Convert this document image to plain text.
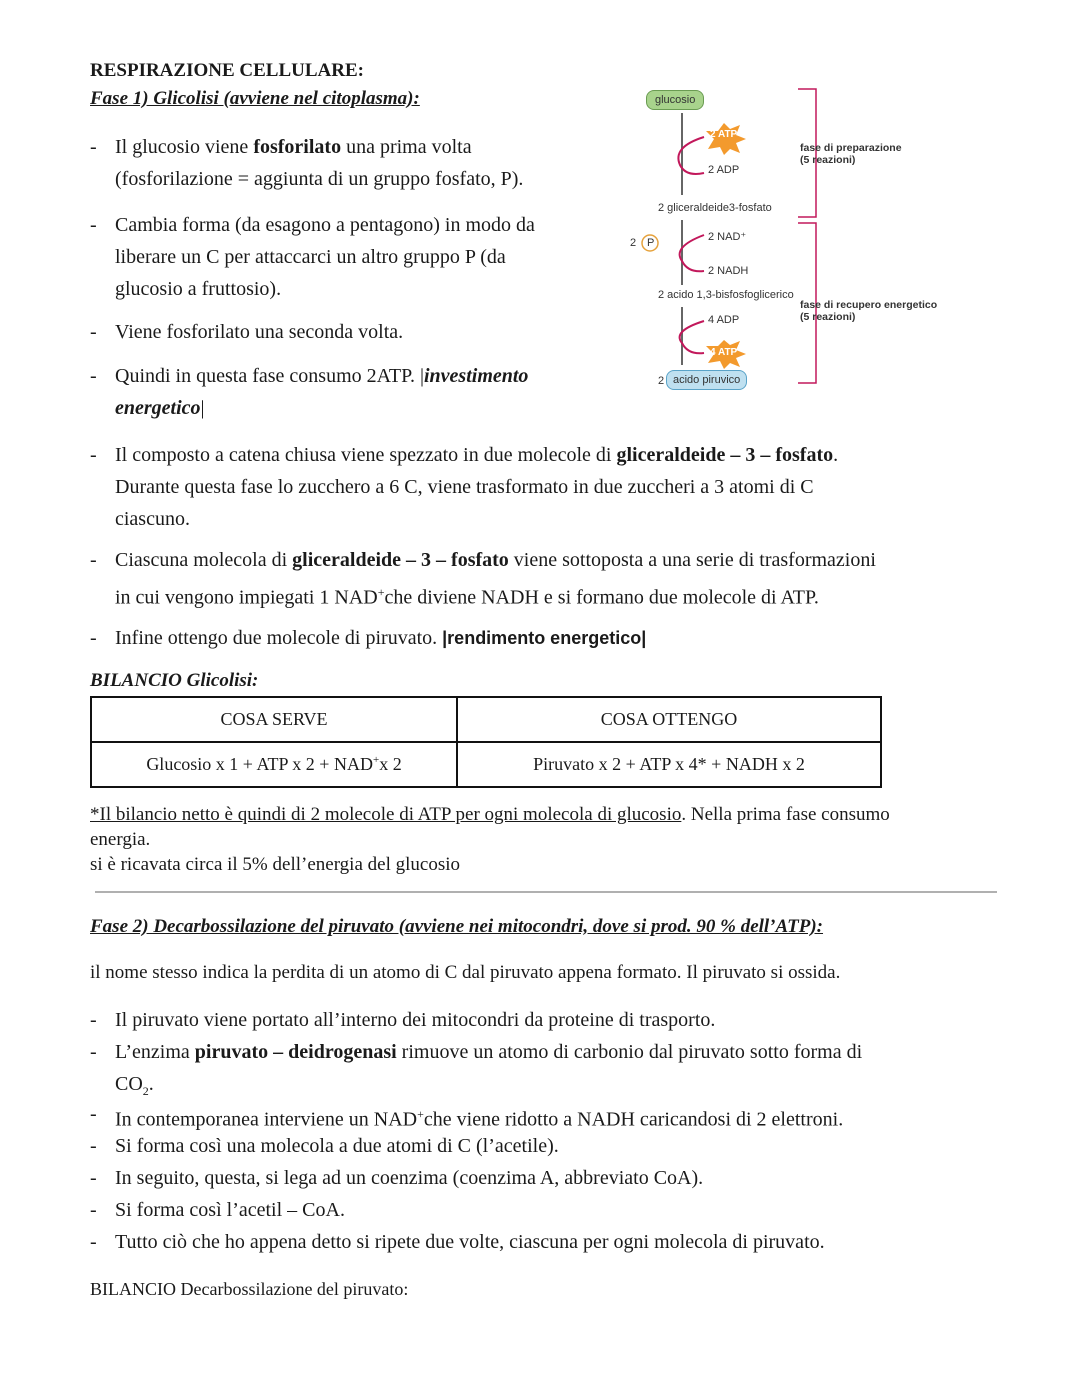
RESPIRAZIONE CELLULARE:
Fase 1) Glicolisi (avviene nel citoplasma):
- Il glucosio viene fosforilato una prima volta
(fosforilazione = aggiunta di un gruppo fosfato, P).
- Cambia forma (da esagono a pentagono) in modo da
liberare un C per attaccarci un altro gruppo P (da
glucosio a fruttosio).
- Viene fosforilato una seconda volta.
- Quindi in questa fase consumo 2ATP. |investimento
energetico|
- Il composto a catena chiusa viene spezzato in due molecole di gliceraldeide – 3 – fosfato.
Durante questa fase lo zucchero a 6 C, viene trasformato in due zuccheri a 3 atomi di C
ciascuno.
- Ciascuna molecola di gliceraldeide – 3 – fosfato viene sottoposta a una serie di trasformazioni
in cui vengono impiegati 1 NAD+che diviene NADH e si formano due molecole di ATP.
- Infine ottengo due molecole di piruvato. |rendimento energetico|
glucosio
2 ATP
2 ADP
2 gliceraldeide3-fosfato
2 P	2 NAD⁺
2 NADH
2 acido 1,3-bisfosfoglicerico
4 ADP
4 ATP
2 acido piruvico
fase di preparazione
(5 reazioni)
fase di recupero energetico
(5 reazioni)
BILANCIO Glicolisi:
COSA SERVE	COSA OTTENGO
Glucosio x 1 + ATP x 2 + NAD+x 2	Piruvato x 2 + ATP x 4* + NADH x 2
*Il bilancio netto è quindi di 2 molecole di ATP per ogni molecola di glucosio. Nella prima fase consumo
energia.
si è ricavata circa il 5% dell’energia del glucosio
Fase 2) Decarbossilazione del piruvato (avviene nei mitocondri, dove si prod. 90 % dell’ATP):
il nome stesso indica la perdita di un atomo di C dal piruvato appena formato. Il piruvato si ossida.
- Il piruvato viene portato all’interno dei mitocondri da proteine di trasporto.
- L’enzima piruvato – deidrogenasi rimuove un atomo di carbonio dal piruvato sotto forma di
$CO_2$.
- In contemporanea interviene un NAD+che viene ridotto a NADH caricandosi di 2 elettroni.
- Si forma così una molecola a due atomi di C (l’acetile).
- In seguito, questa, si lega ad un coenzima (coenzima A, abbreviato CoA).
- Si forma così l’acetil – CoA.
- Tutto ciò che ho appena detto si ripete due volte, ciascuna per ogni molecola di piruvato.
BILANCIO Decarbossilazione del piruvato:
